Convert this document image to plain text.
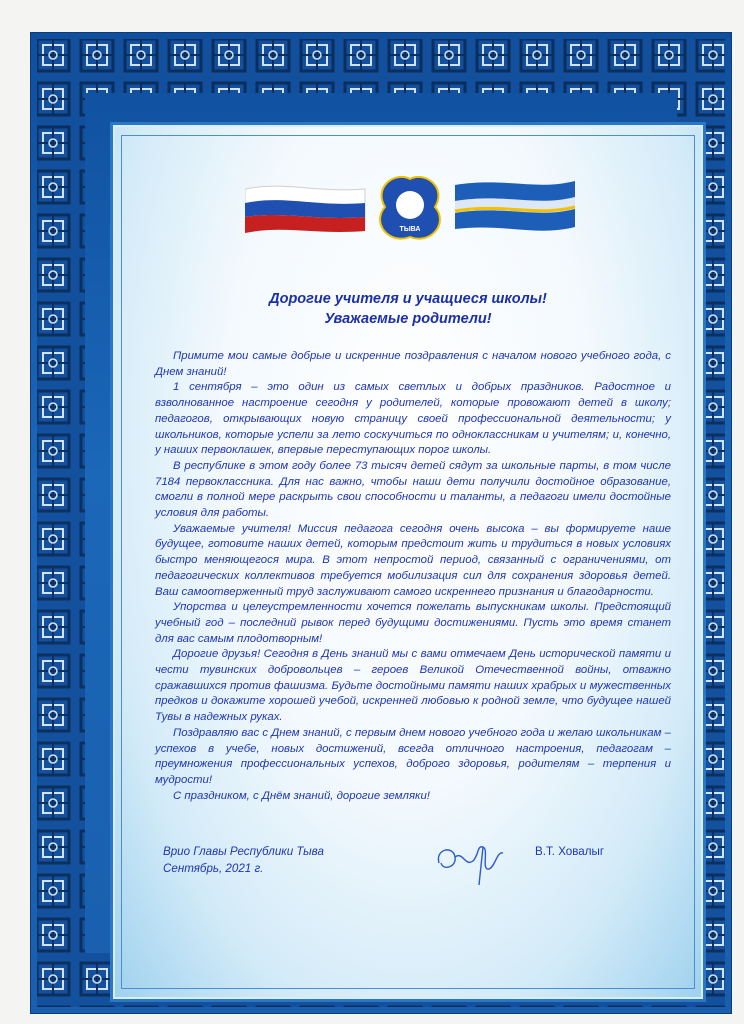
ТЫВА
Дорогие учителя и учащиеся школы!
Уважаемые родители!

Примите мои самые добрые и искренние поздравления с началом нового учебного года, с Днем знаний!

1 сентября – это один из самых светлых и добрых праздников. Радостное и взволнованное настроение сегодня у родителей, которые провожают детей в школу; педагогов, открывающих новую страницу своей профессиональной деятельности; у школьников, которые успели за лето соскучиться по одноклассникам и учителям; и, конечно, у наших первоклашек, впервые переступающих порог школы.

В республике в этом году более 73 тысяч детей сядут за школьные парты, в том числе 7184 первоклассника. Для нас важно, чтобы наши дети получили достойное образование, смогли в полной мере раскрыть свои способности и таланты, а педагоги имели достойные условия для работы.

Уважаемые учителя! Миссия педагога сегодня очень высока – вы формируете наше будущее, готовите наших детей, которым предстоит жить и трудиться в новых условиях быстро меняющегося мира. В этот непростой период, связанный с ограничениями, от педагогических коллективов требуется мобилизация сил для сохранения здоровья детей. Ваш самоотверженный труд заслуживают самого искреннего признания и благодарности.

Упорства и целеустремленности хочется пожелать выпускникам школы. Предстоящий учебный год – последний рывок перед будущими достижениями. Пусть это время станет для вас самым плодотворным!

Дорогие друзья! Сегодня в День знаний мы с вами отмечаем День исторической памяти и чести тувинских добровольцев – героев Великой Отечественной войны, отважно сражавшихся против фашизма. Будьте достойными памяти наших храбрых и мужественных предков и докажите хорошей учебой, искренней любовью к родной земле, что будущее нашей Тувы в надежных руках.

Поздравляю вас с Днем знаний, с первым днем нового учебного года и желаю школьникам – успехов в учебе, новых достижений, всегда отличного настроения, педагогам – преумножения профессиональных успехов, доброго здоровья, родителям – терпения и мудрости!

С праздником, с Днём знаний, дорогие земляки!

Врио Главы Республики Тыва
Сентябрь, 2021 г.
В.Т. Ховалыг
